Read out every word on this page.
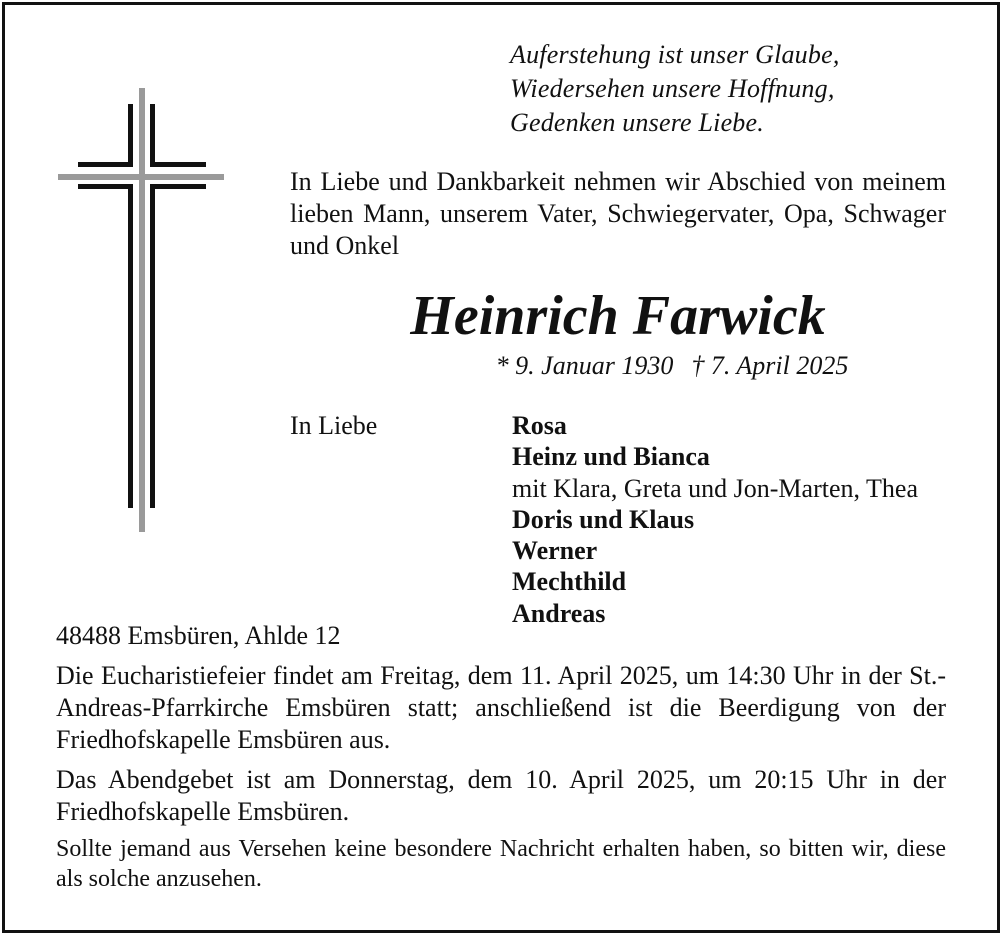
Auferstehung ist unser Glaube,
Wiedersehen unsere Hoffnung,
Gedenken unsere Liebe.
In Liebe und Dankbarkeit nehmen wir Abschied von meinem lieben Mann, unserem Vater, Schwiegervater, Opa, Schwager und Onkel
Heinrich Farwick
* 9. Januar 1930 † 7. April 2025
In Liebe	Rosa
Heinz und Bianca
mit Klara, Greta und Jon-Marten, Thea
Doris und Klaus
Werner
Mechthild
Andreas
48488 Emsbüren, Ahlde 12
Die Eucharistiefeier findet am Freitag, dem 11. April 2025, um 14:30 Uhr in der St.-Andreas-Pfarrkirche Emsbüren statt; anschließend ist die Beerdigung von der Friedhofskapelle Emsbüren aus.
Das Abendgebet ist am Donnerstag, dem 10. April 2025, um 20:15 Uhr in der Friedhofskapelle Emsbüren.
Sollte jemand aus Versehen keine besondere Nachricht erhalten haben, so bitten wir, diese als solche anzusehen.
